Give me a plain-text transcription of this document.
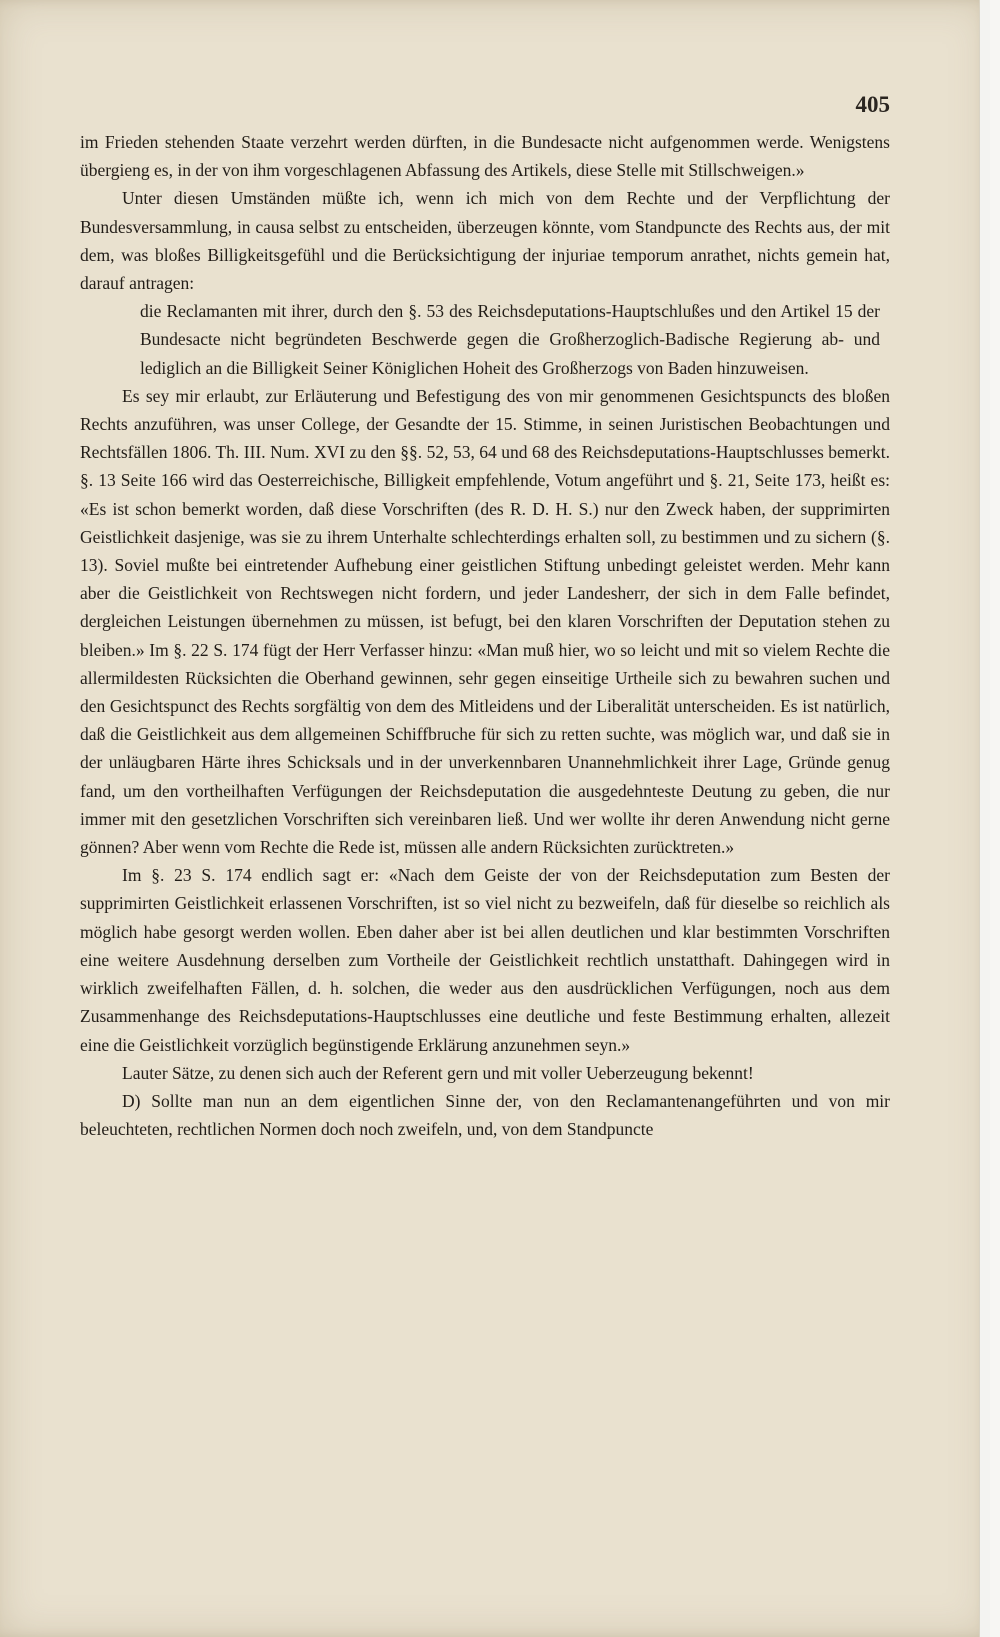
405

im Frieden stehenden Staate verzehrt werden dürften, in die Bundesacte nicht aufgenommen werde. Wenigstens übergieng es, in der von ihm vorgeschlagenen Abfassung des Artikels, diese Stelle mit Stillschweigen.»

Unter diesen Umständen müßte ich, wenn ich mich von dem Rechte und der Verpflichtung der Bundesversammlung, in causa selbst zu entscheiden, überzeugen könnte, vom Standpuncte des Rechts aus, der mit dem, was bloßes Billigkeitsgefühl und die Berücksichtigung der injuriae temporum anrathet, nichts gemein hat, darauf antragen:

die Reclamanten mit ihrer, durch den §. 53 des Reichsdeputations-Hauptschlußes und den Artikel 15 der Bundesacte nicht begründeten Beschwerde gegen die Großherzoglich-Badische Regierung ab- und lediglich an die Billigkeit Seiner Königlichen Hoheit des Großherzogs von Baden hinzuweisen.

Es sey mir erlaubt, zur Erläuterung und Befestigung des von mir genommenen Gesichtspuncts des bloßen Rechts anzuführen, was unser College, der Gesandte der 15. Stimme, in seinen Juristischen Beobachtungen und Rechtsfällen 1806. Th. III. Num. XVI zu den §§. 52, 53, 64 und 68 des Reichsdeputations-Hauptschlusses bemerkt. §. 13 Seite 166 wird das Oesterreichische, Billigkeit empfehlende, Votum angeführt und §. 21, Seite 173, heißt es: «Es ist schon bemerkt worden, daß diese Vorschriften (des R. D. H. S.) nur den Zweck haben, der supprimirten Geistlichkeit dasjenige, was sie zu ihrem Unterhalte schlechterdings erhalten soll, zu bestimmen und zu sichern (§. 13). Soviel mußte bei eintretender Aufhebung einer geistlichen Stiftung unbedingt geleistet werden. Mehr kann aber die Geistlichkeit von Rechtswegen nicht fordern, und jeder Landesherr, der sich in dem Falle befindet, dergleichen Leistungen übernehmen zu müssen, ist befugt, bei den klaren Vorschriften der Deputation stehen zu bleiben.» Im §. 22 S. 174 fügt der Herr Verfasser hinzu: «Man muß hier, wo so leicht und mit so vielem Rechte die allermildesten Rücksichten die Oberhand gewinnen, sehr gegen einseitige Urtheile sich zu bewahren suchen und den Gesichtspunct des Rechts sorgfältig von dem des Mitleidens und der Liberalität unterscheiden. Es ist natürlich, daß die Geistlichkeit aus dem allgemeinen Schiffbruche für sich zu retten suchte, was möglich war, und daß sie in der unläugbaren Härte ihres Schicksals und in der unverkennbaren Unannehmlichkeit ihrer Lage, Gründe genug fand, um den vortheilhaften Verfügungen der Reichsdeputation die ausgedehnteste Deutung zu geben, die nur immer mit den gesetzlichen Vorschriften sich vereinbaren ließ. Und wer wollte ihr deren Anwendung nicht gerne gönnen? Aber wenn vom Rechte die Rede ist, müssen alle andern Rücksichten zurücktreten.»

Im §. 23 S. 174 endlich sagt er: «Nach dem Geiste der von der Reichsdeputation zum Besten der supprimirten Geistlichkeit erlassenen Vorschriften, ist so viel nicht zu bezweifeln, daß für dieselbe so reichlich als möglich habe gesorgt werden wollen. Eben daher aber ist bei allen deutlichen und klar bestimmten Vorschriften eine weitere Ausdehnung derselben zum Vortheile der Geistlichkeit rechtlich unstatthaft. Dahingegen wird in wirklich zweifelhaften Fällen, d. h. solchen, die weder aus den ausdrücklichen Verfügungen, noch aus dem Zusammenhange des Reichsdeputations-Hauptschlusses eine deutliche und feste Bestimmung erhalten, allezeit eine die Geistlichkeit vorzüglich begünstigende Erklärung anzunehmen seyn.»

Lauter Sätze, zu denen sich auch der Referent gern und mit voller Ueberzeugung bekennt!

D) Sollte man nun an dem eigentlichen Sinne der, von den Reclamantenangeführten und von mir beleuchteten, rechtlichen Normen doch noch zweifeln, und, von dem Standpuncte
